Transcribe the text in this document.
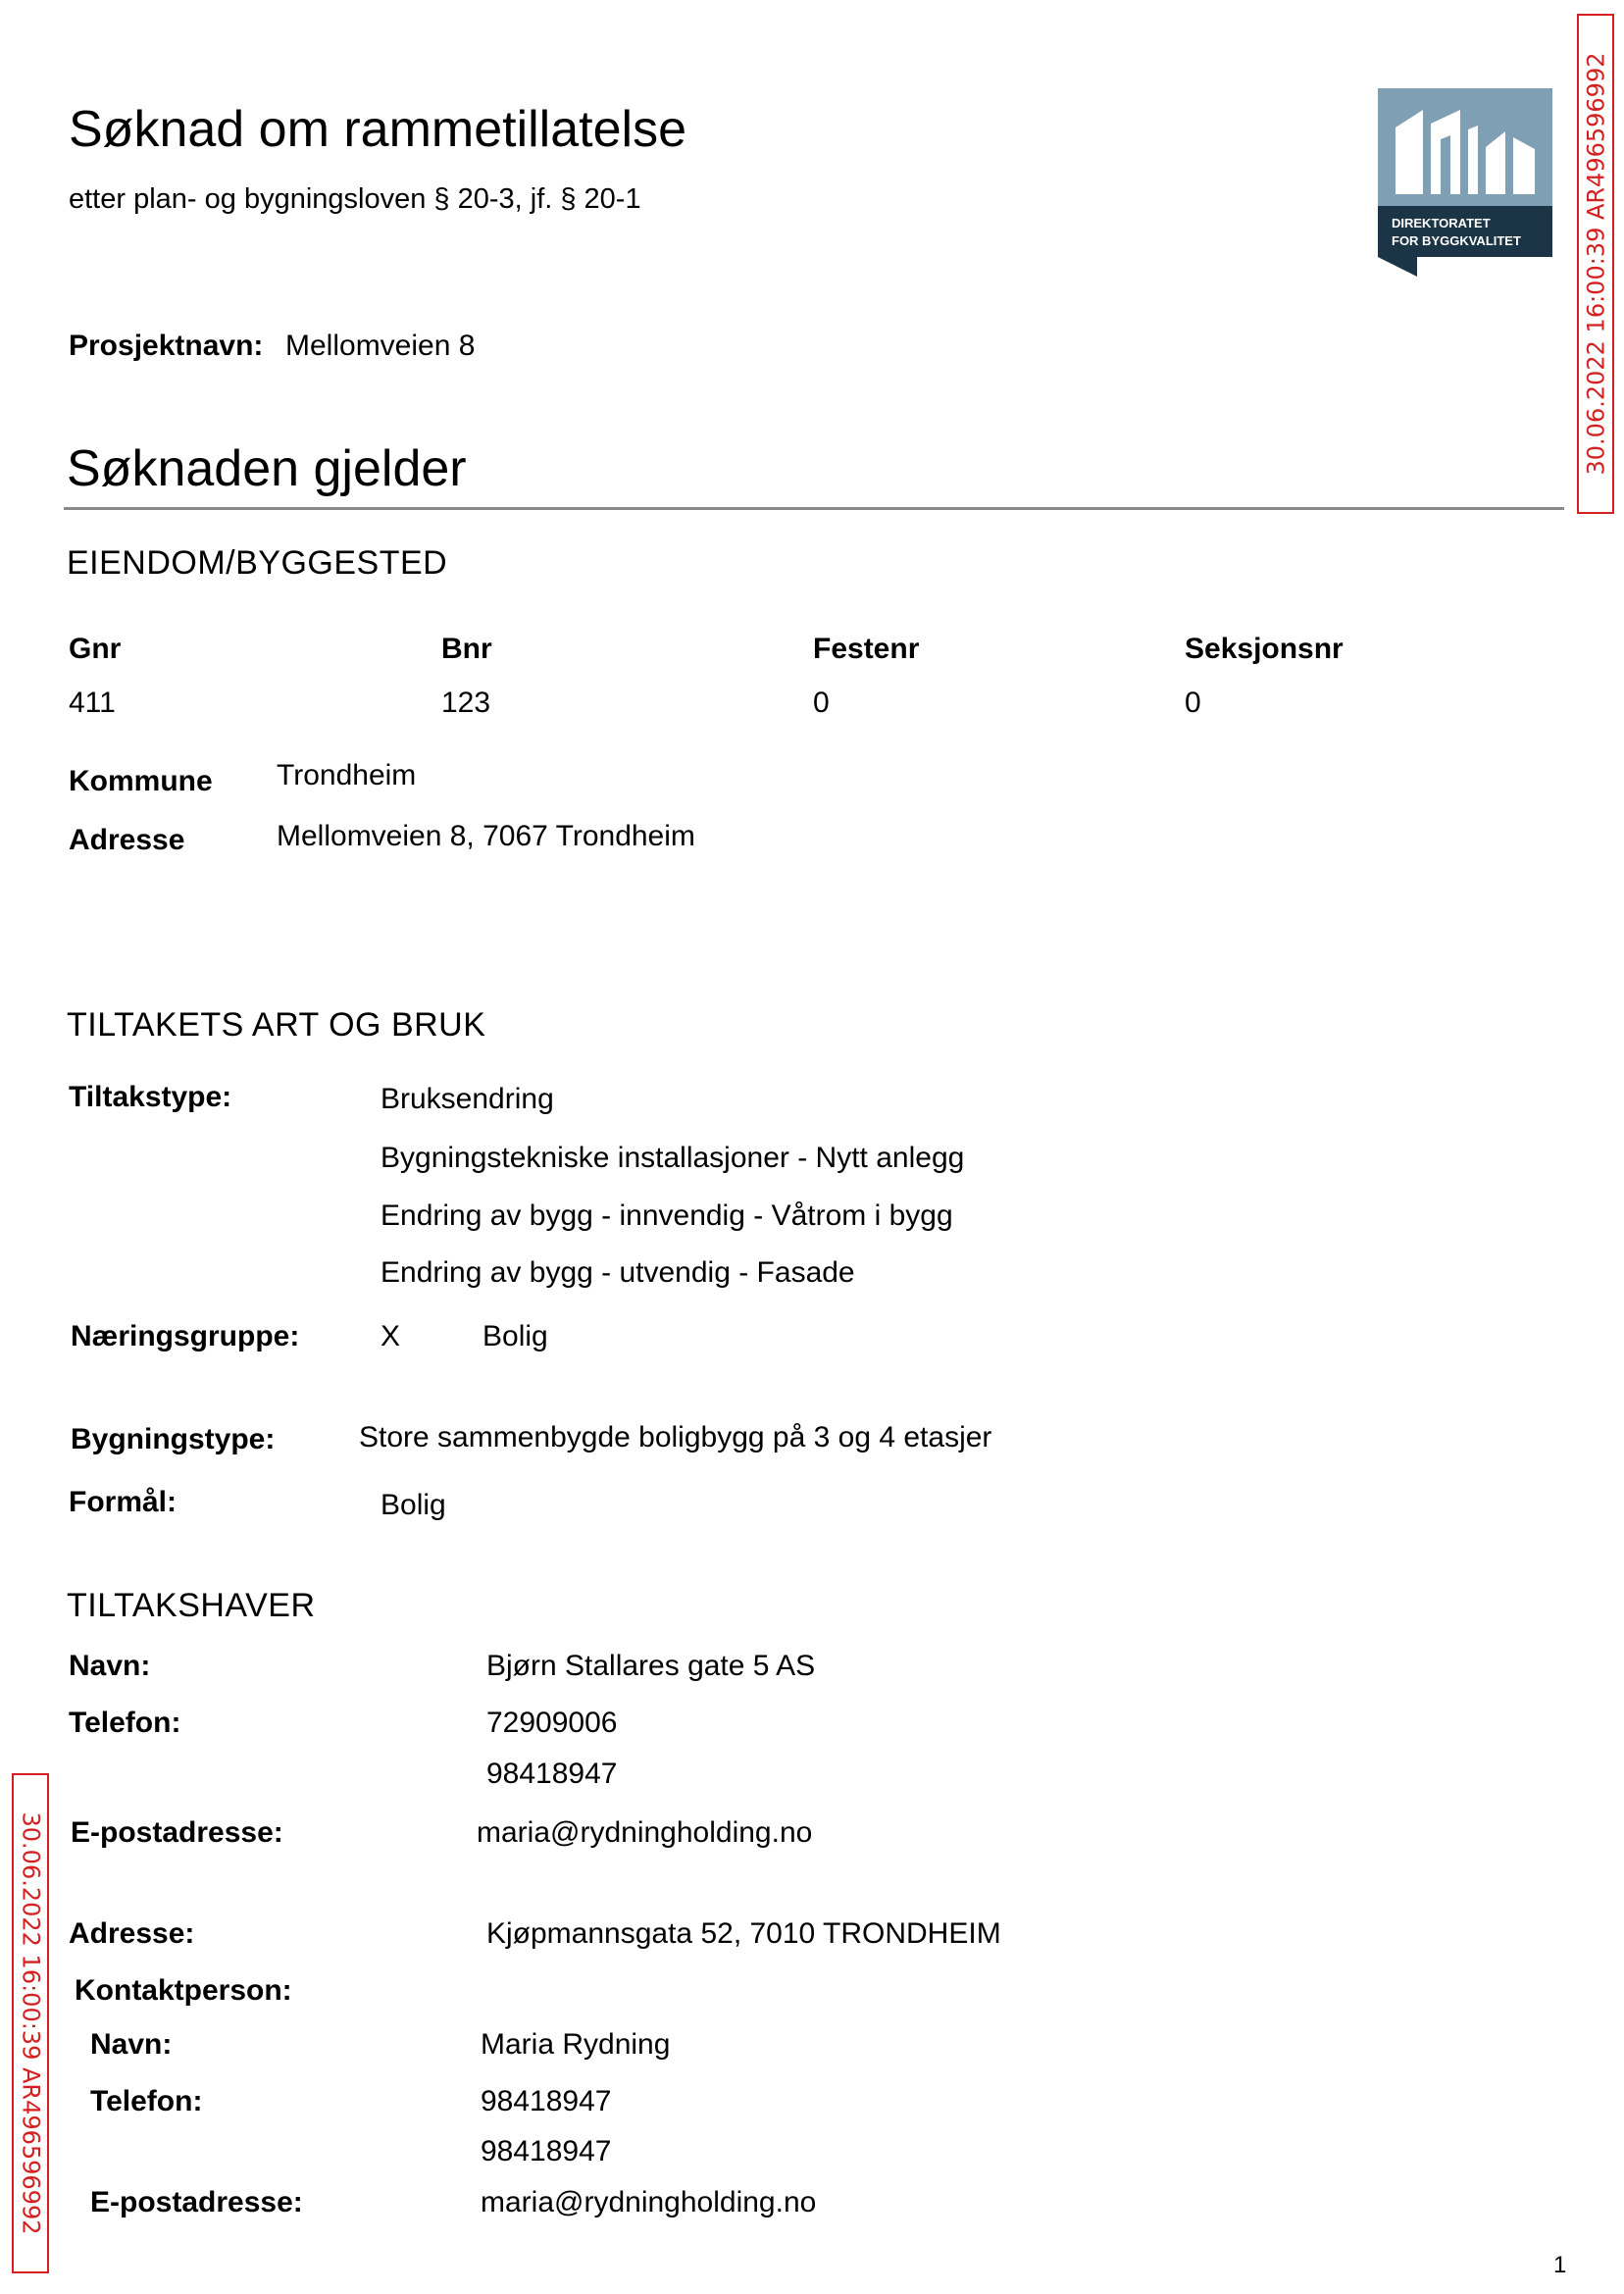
Søknad om rammetillatelse
etter plan- og bygningsloven § 20-3, jf. § 20-1
Prosjektnavn: Mellomveien 8
DIREKTORATET
FOR BYGGKVALITET	30.06.2022 16:00:39 AR496596992
30.06.2022 16:00:39 AR496596992
Søknaden gjelder
EIENDOM/BYGGESTED
Gnr	Bnr	Festenr	Seksjonsnr
411	123	0	0
Kommune Trondheim
Adresse	Mellomveien 8, 7067 Trondheim
TILTAKETS ART OG BRUK
Tiltakstype:	Bruksendring
Bygningstekniske installasjoner - Nytt anlegg
Endring av bygg - innvendig - Våtrom i bygg
Endring av bygg - utvendig - Fasade
Næringsgruppe:	X	Bolig
Bygningstype:	Store sammenbygde boligbygg på 3 og 4 etasjer
Formål:	Bolig
TILTAKSHAVER
Navn:	Bjørn Stallares gate 5 AS
Telefon:	72909006
98418947
E-postadresse:	maria@rydningholding.no
Adresse:	Kjøpmannsgata 52, 7010 TRONDHEIM
Kontaktperson:
Navn:	Maria Rydning
Telefon:	98418947
98418947
E-postadresse:	maria@rydningholding.no
1
